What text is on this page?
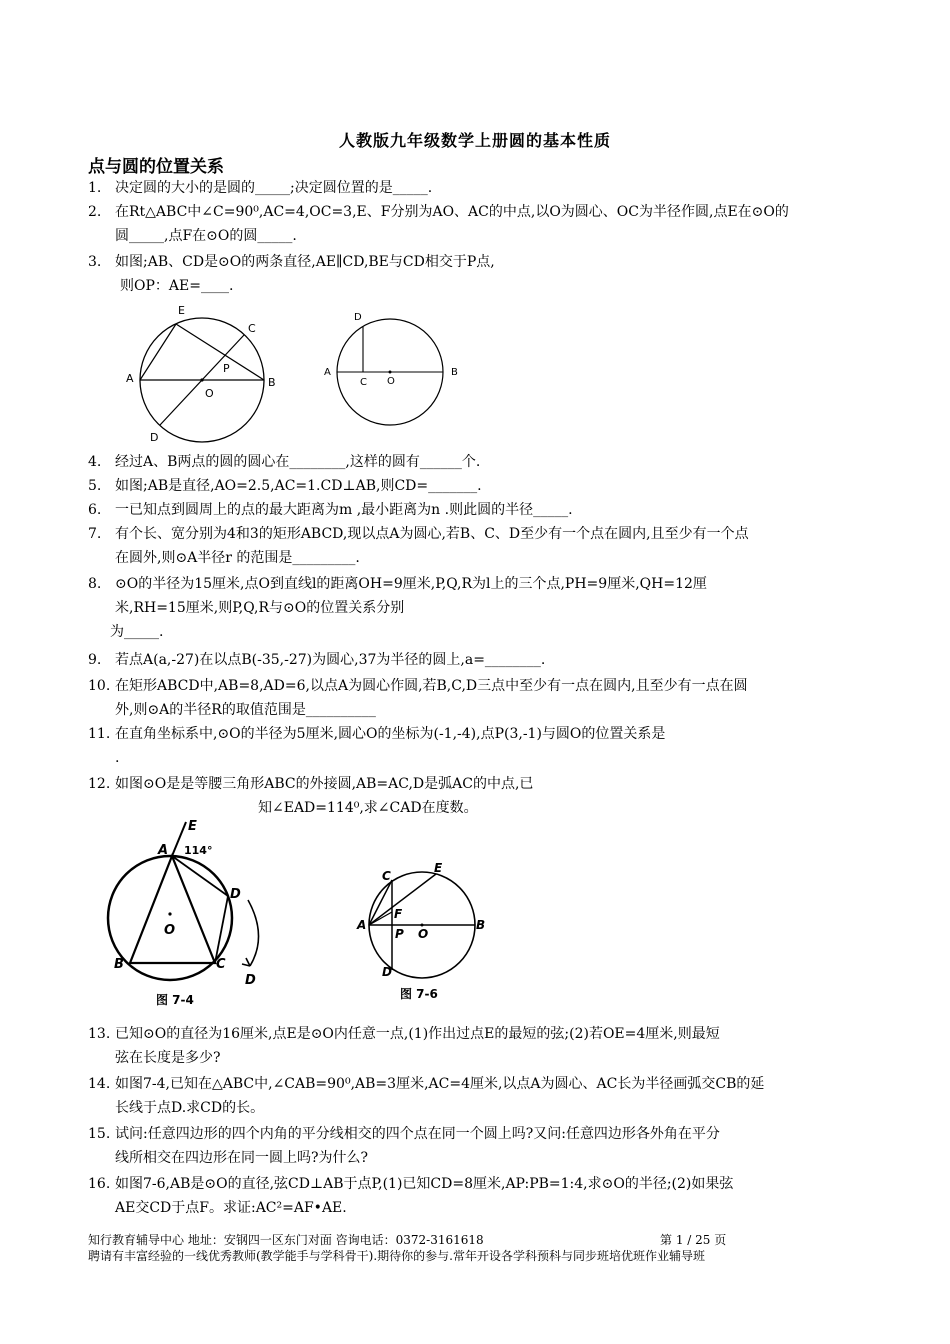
人教版九年级数学上册圆的基本性质
点与圆的位置关系
1. 决定圆的大小的是圆的_____;决定圆位置的是_____.
2. 在Rt△ABC中∠C=90⁰,AC=4,OC=3,E、F分别为AO、AC的中点,以O为圆心、OC为半径作圆,点E在⊙O的
圆_____,点F在⊙O的圆_____.
3. 如图;AB、CD是⊙O的两条直径,AE∥CD,BE与CD相交于P点,
则OP：AE=____.
E
C
A
P
B
O
D
D
A
C O
B
4. 经过A、B两点的圆的圆心在________,这样的圆有______个.
5. 如图;AB是直径,AO=2.5,AC=1.CD⊥AB,则CD=_______.
6. 一已知点到圆周上的点的最大距离为m ,最小距离为n .则此圆的半径_____.
7. 有个长、宽分别为4和3的矩形ABCD,现以点A为圆心,若B、C、D至少有一个点在圆内,且至少有一个点
在圆外,则⊙A半径r 的范围是_________.
8. ⊙O的半径为15厘米,点O到直线l的距离OH=9厘米,P,Q,R为l上的三个点,PH=9厘米,QH=12厘
米,RH=15厘米,则P,Q,R与⊙O的位置关系分别
为_____.
9. 若点A(a,-27)在以点B(-35,-27)为圆心,37为半径的圆上,a=________.
10. 在矩形ABCD中,AB=8,AD=6,以点A为圆心作圆,若B,C,D三点中至少有一点在圆内,且至少有一点在圆
外,则⊙A的半径R的取值范围是__________
11. 在直角坐标系中,⊙O的半径为5厘米,圆心O的坐标为(-1,-4),点P(3,-1)与圆O的位置关系是
.
12. 如图⊙O是是等腰三角形ABC的外接圆,AB=AC,D是弧AC的中点,已
知∠EAD=114⁰,求∠CAD在度数。
E
114°
A
D
O
B	C
D
图 7-4
C
E
F
A
P O
B
D
图 7-6
13. 已知⊙O的直径为16厘米,点E是⊙O内任意一点,(1)作出过点E的最短的弦;(2)若OE=4厘米,则最短
弦在长度是多少?
14. 如图7-4,已知在△ABC中,∠CAB=90⁰,AB=3厘米,AC=4厘米,以点A为圆心、AC长为半径画弧交CB的延
长线于点D.求CD的长。
15. 试问:任意四边形的四个内角的平分线相交的四个点在同一个圆上吗?又问:任意四边形各外角在平分
线所相交在四边形在同一圆上吗?为什么?
16. 如图7-6,AB是⊙O的直径,弦CD⊥AB于点P,(1)已知CD=8厘米,AP:PB=1:4,求⊙O的半径;(2)如果弦
AE交CD于点F。求证:AC²=AF•AE.
知行教育辅导中心 地址：安钢四一区东门对面 咨询电话：0372-3161618	第 1 / 25 页
聘请有丰富经验的一线优秀教师(教学能手与学科骨干).期待你的参与.常年开设各学科预科与同步班培优班作业辅导班
